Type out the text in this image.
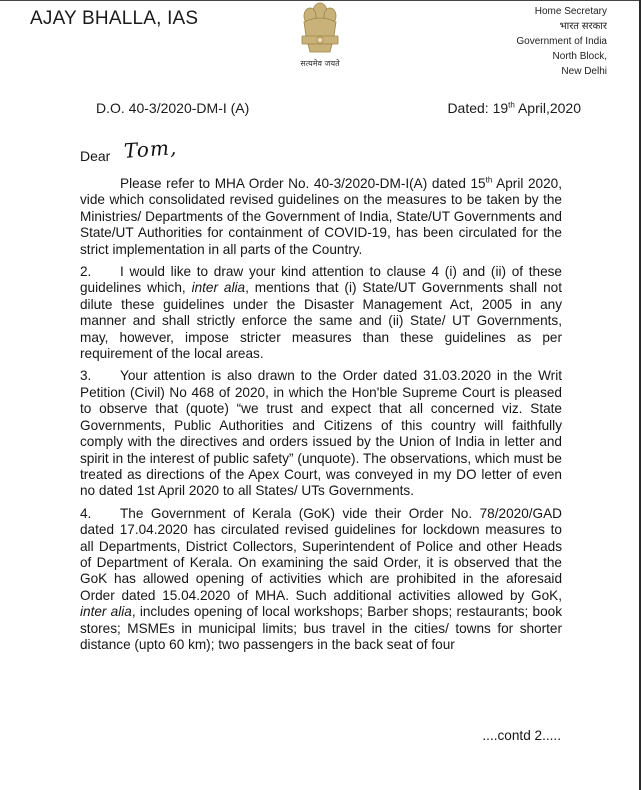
AJAY BHALLA, IAS
सत्यमेव जयते
Home Secretary
भारत सरकार
Government of India
North Block,
New Delhi
D.O. 40-3/2020-DM-I (A)	Dated: 19th April,2020
Dear Tom,

Please refer to MHA Order No. 40-3/2020-DM-I(A) dated 15th April 2020, vide which consolidated revised guidelines on the measures to be taken by the Ministries/ Departments of the Government of India, State/UT Governments and State/UT Authorities for containment of COVID-19, has been circulated for the strict implementation in all parts of the Country.

2. I would like to draw your kind attention to clause 4 (i) and (ii) of these guidelines which, inter alia, mentions that (i) State/UT Governments shall not dilute these guidelines under the Disaster Management Act, 2005 in any manner and shall strictly enforce the same and (ii) State/ UT Governments, may, however, impose stricter measures than these guidelines as per requirement of the local areas.

3. Your attention is also drawn to the Order dated 31.03.2020 in the Writ Petition (Civil) No 468 of 2020, in which the Hon'ble Supreme Court is pleased to observe that (quote) “we trust and expect that all concerned viz. State Governments, Public Authorities and Citizens of this country will faithfully comply with the directives and orders issued by the Union of India in letter and spirit in the interest of public safety” (unquote). The observations, which must be treated as directions of the Apex Court, was conveyed in my DO letter of even no dated 1st April 2020 to all States/ UTs Governments.

4. The Government of Kerala (GoK) vide their Order No. 78/2020/GAD dated 17.04.2020 has circulated revised guidelines for lockdown measures to all Departments, District Collectors, Superintendent of Police and other Heads of Department of Kerala. On examining the said Order, it is observed that the GoK has allowed opening of activities which are prohibited in the aforesaid Order dated 15.04.2020 of MHA. Such additional activities allowed by GoK, inter alia, includes opening of local workshops; Barber shops; restaurants; book stores; MSMEs in municipal limits; bus travel in the cities/ towns for shorter distance (upto 60 km); two passengers in the back seat of four

....contd 2.....
